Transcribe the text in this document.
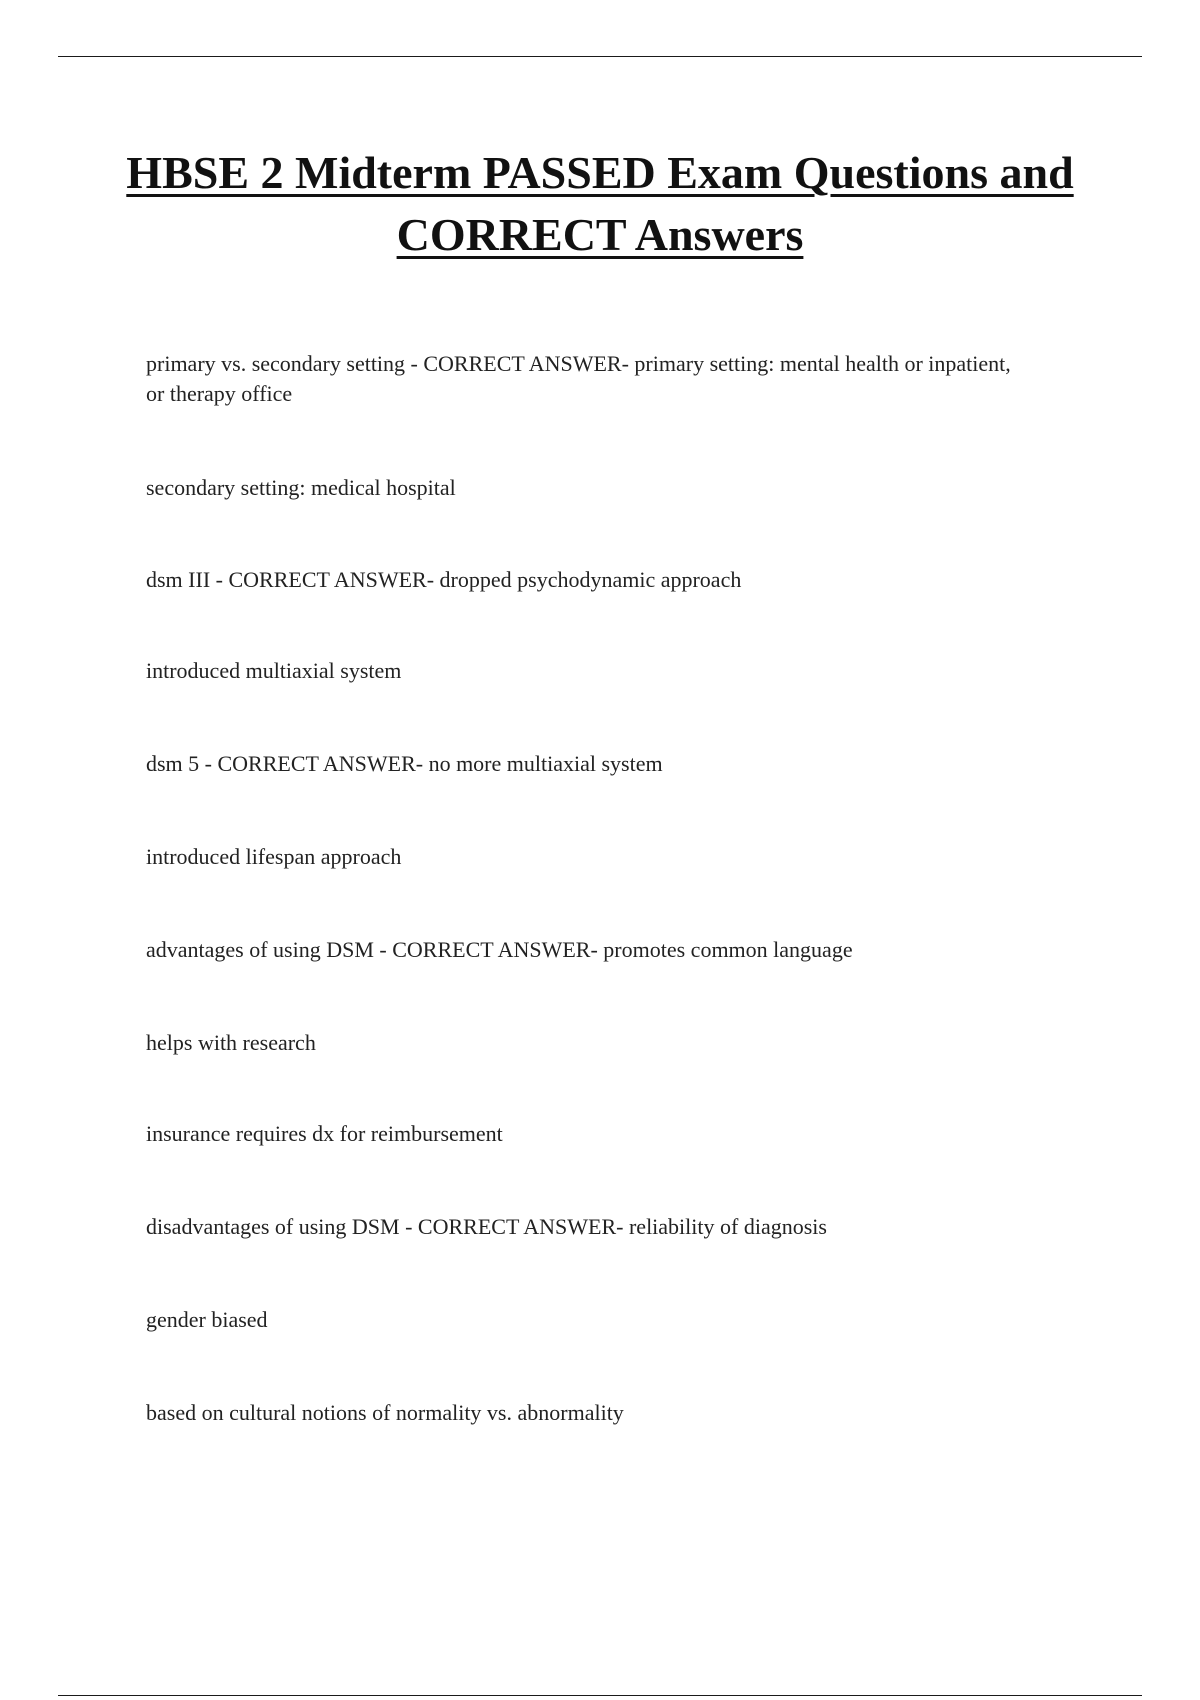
HBSE 2 Midterm PASSED Exam Questions and CORRECT Answers

primary vs. secondary setting - CORRECT ANSWER- primary setting: mental health or inpatient, or therapy office

secondary setting: medical hospital

dsm III - CORRECT ANSWER- dropped psychodynamic approach

introduced multiaxial system

dsm 5 - CORRECT ANSWER- no more multiaxial system

introduced lifespan approach

advantages of using DSM - CORRECT ANSWER- promotes common language

helps with research

insurance requires dx for reimbursement

disadvantages of using DSM - CORRECT ANSWER- reliability of diagnosis

gender biased

based on cultural notions of normality vs. abnormality
